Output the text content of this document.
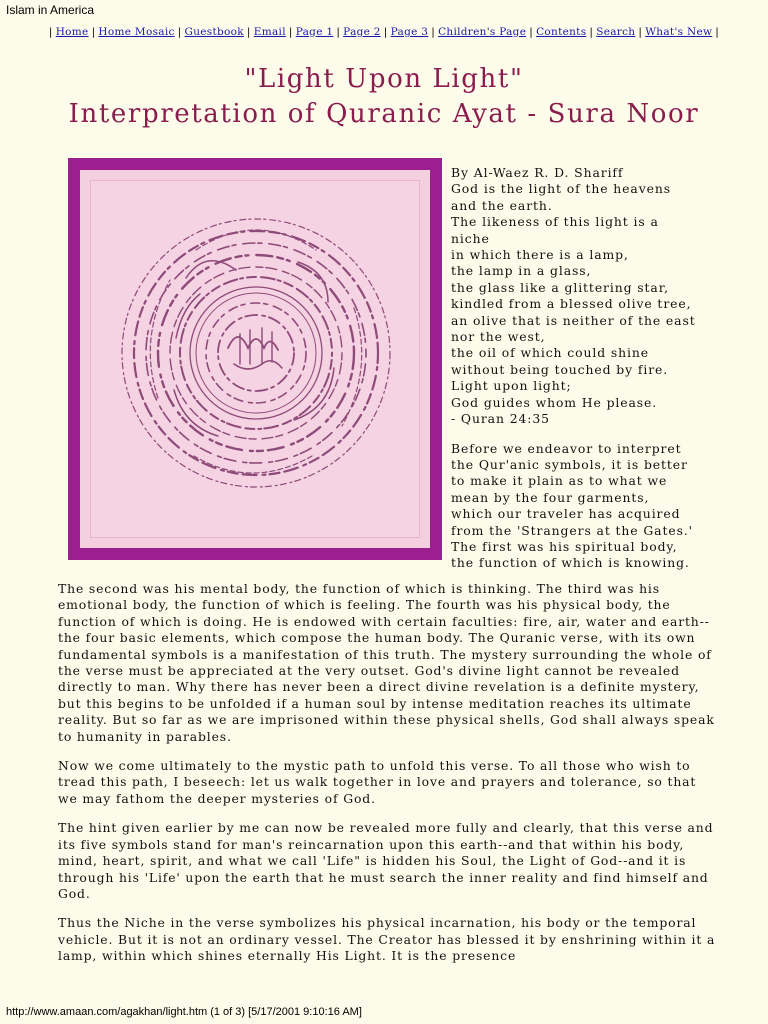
Islam in America
| Home | Home Mosaic | Guestbook | Email | Page 1 | Page 2 | Page 3 | Children's Page | Contents | Search | What's New |
"Light Upon Light"
Interpretation of Quranic Ayat - Sura Noor

By Al-Waez R. D. Shariff

God is the light of the heavens

and the earth.

The likeness of this light is a

niche

in which there is a lamp,

the lamp in a glass,

the glass like a glittering star,

kindled from a blessed olive tree,

an olive that is neither of the east

nor the west,

the oil of which could shine

without being touched by fire.

Light upon light;

God guides whom He please.

- Quran 24:35

Before we endeavor to interpret

the Qur'anic symbols, it is better

to make it plain as to what we

mean by the four garments,

which our traveler has acquired

from the 'Strangers at the Gates.'

The first was his spiritual body,

the function of which is knowing.

The second was his mental body, the function of which is thinking. The third was his emotional body, the function of which is feeling. The fourth was his physical body, the function of which is doing. He is endowed with certain faculties: fire, air, water and earth--the four basic elements, which compose the human body. The Quranic verse, with its own fundamental symbols is a manifestation of this truth. The mystery surrounding the whole of the verse must be appreciated at the very outset. God's divine light cannot be revealed directly to man. Why there has never been a direct divine revelation is a definite mystery, but this begins to be unfolded if a human soul by intense meditation reaches its ultimate reality. But so far as we are imprisoned within these physical shells, God shall always speak to humanity in parables.

Now we come ultimately to the mystic path to unfold this verse. To all those who wish to tread this path, I beseech: let us walk together in love and prayers and tolerance, so that we may fathom the deeper mysteries of God.

The hint given earlier by me can now be revealed more fully and clearly, that this verse and its five symbols stand for man's reincarnation upon this earth--and that within his body, mind, heart, spirit, and what we call 'Life" is hidden his Soul, the Light of God--and it is through his 'Life' upon the earth that he must search the inner reality and find himself and God.

Thus the Niche in the verse symbolizes his physical incarnation, his body or the temporal vehicle. But it is not an ordinary vessel. The Creator has blessed it by enshrining within it a lamp, within which shines eternally His Light. It is the presence

http://www.amaan.com/agakhan/light.htm (1 of 3) [5/17/2001 9:10:16 AM]
